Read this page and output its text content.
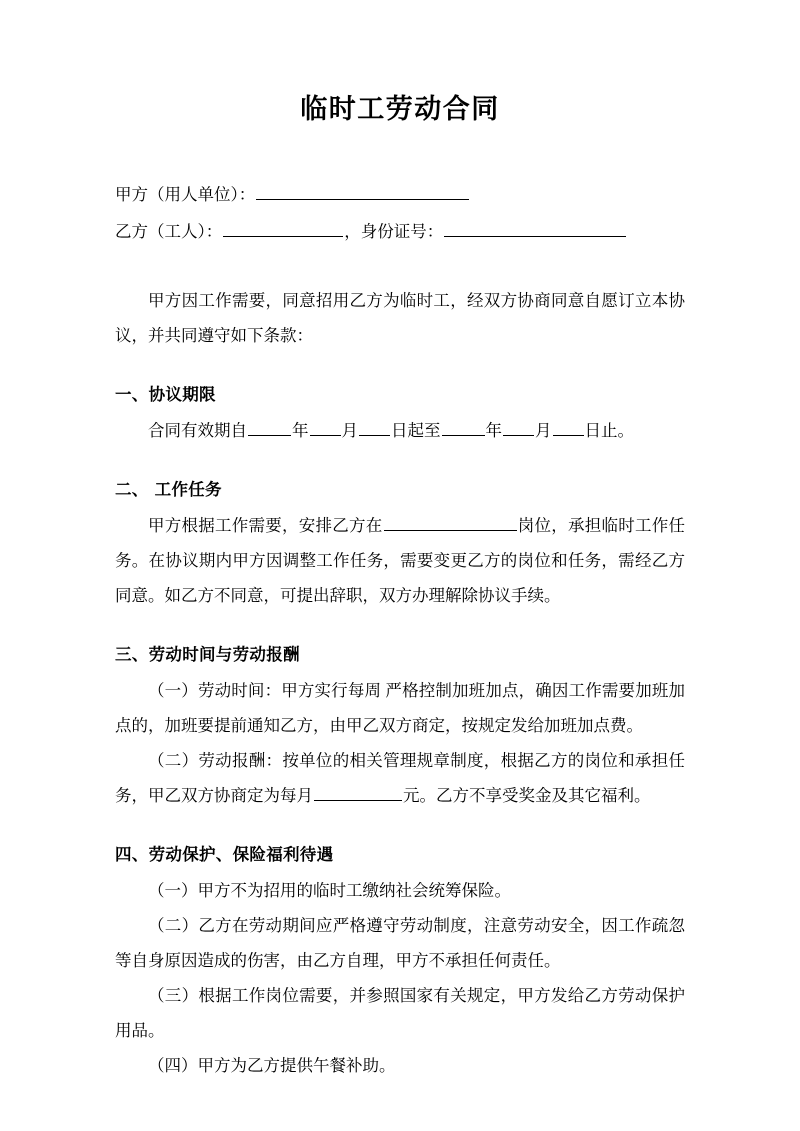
临时工劳动合同
甲方（用人单位）：
乙方（工人）：	，身份证号：

甲方因工作需要，同意招用乙方为临时工，经双方协商同意自愿订立本协议，并共同遵守如下条款：

一、协议期限

合同有效期自	年 月 日起至	年 月 日止。

二、 工作任务

甲方根据工作需要，安排乙方在	岗位，承担临时工作任务。在协议期内甲方因调整工作任务，需要变更乙方的岗位和任务，需经乙方同意。如乙方不同意，可提出辞职，双方办理解除协议手续。

三、劳动时间与劳动报酬

（一）劳动时间：甲方实行每周 严格控制加班加点，确因工作需要加班加点的，加班要提前通知乙方，由甲乙双方商定，按规定发给加班加点费。

（二）劳动报酬：按单位的相关管理规章制度，根据乙方的岗位和承担任务，甲乙双方协商定为每月	元。乙方不享受奖金及其它福利。

四、劳动保护、保险福利待遇

（一）甲方不为招用的临时工缴纳社会统筹保险。

（二）乙方在劳动期间应严格遵守劳动制度，注意劳动安全，因工作疏忽等自身原因造成的伤害，由乙方自理，甲方不承担任何责任。

（三）根据工作岗位需要，并参照国家有关规定，甲方发给乙方劳动保护用品。

（四）甲方为乙方提供午餐补助。
